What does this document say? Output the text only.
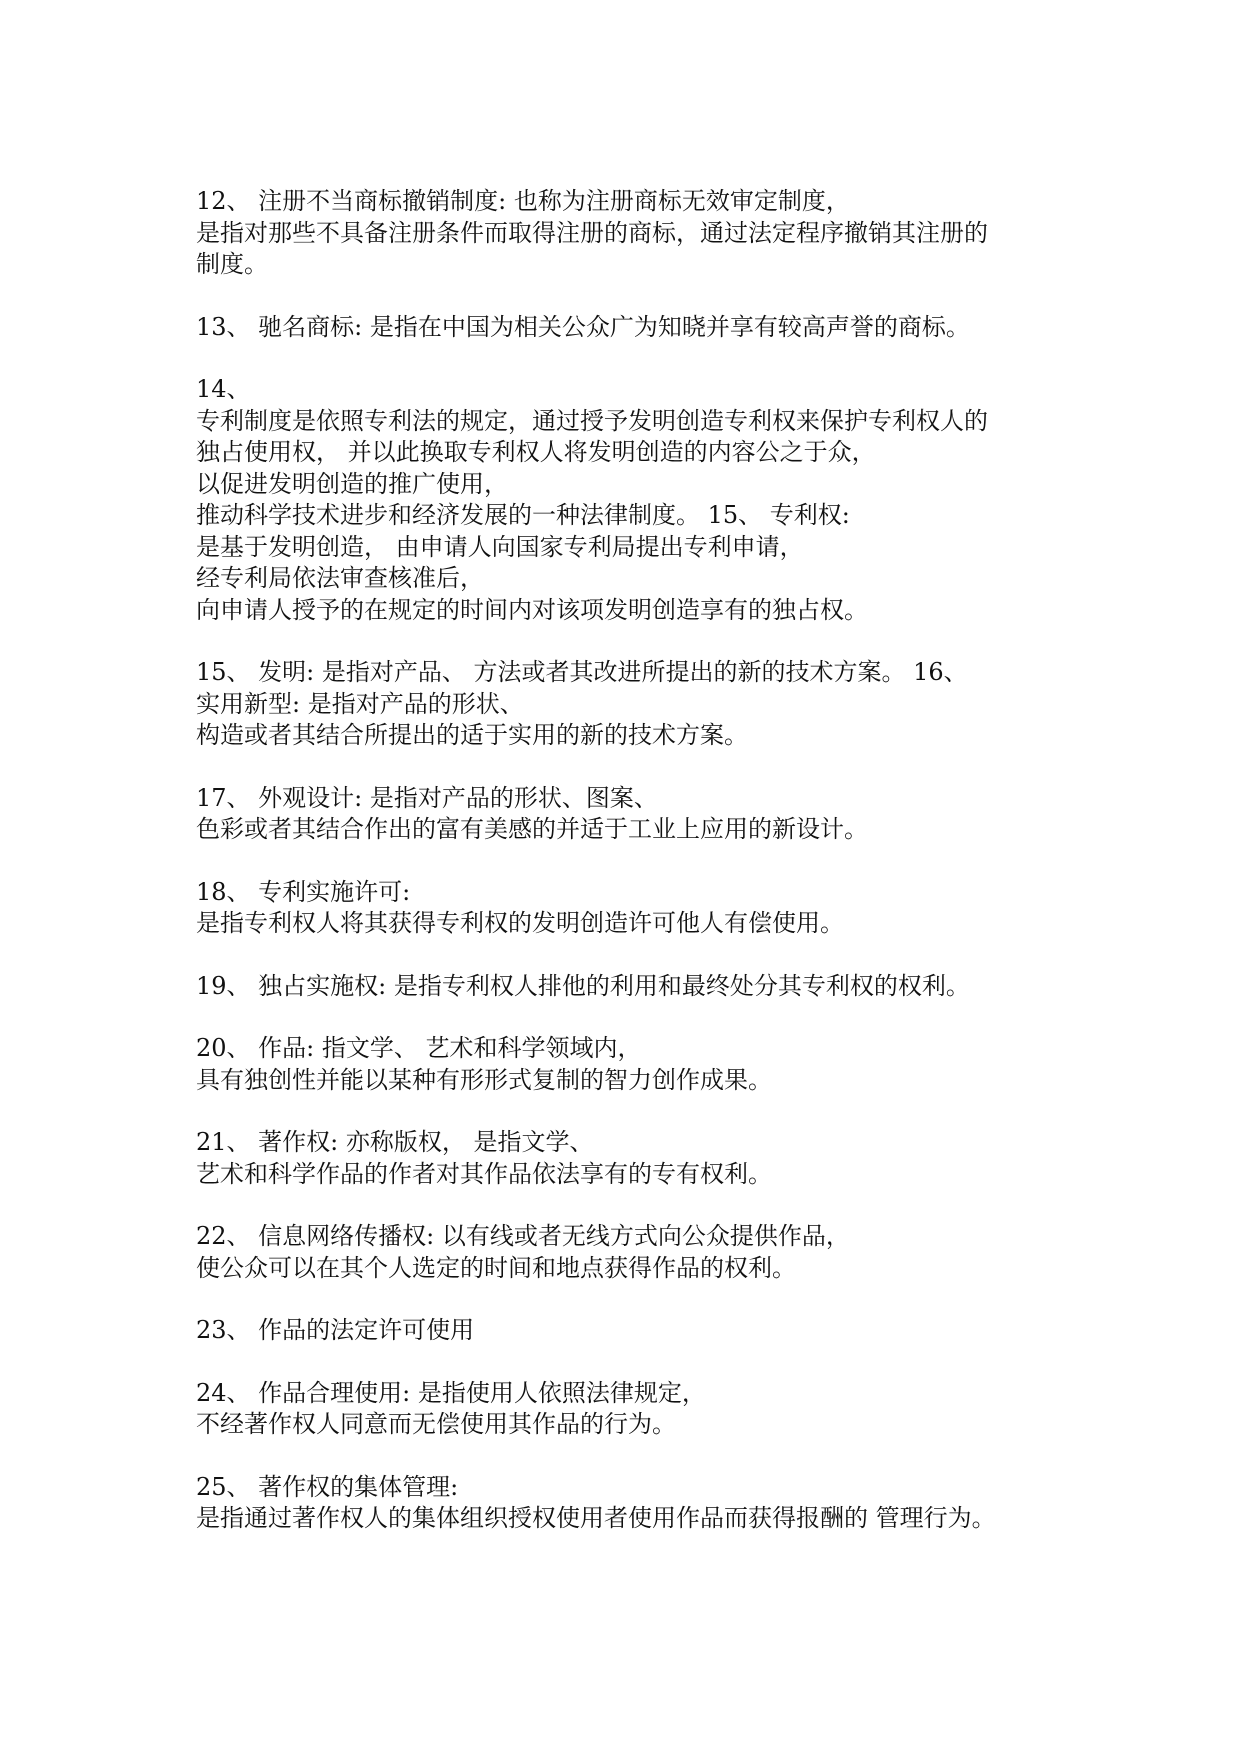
12、 注册不当商标撤销制度: 也称为注册商标无效审定制度，
是指对那些不具备注册条件而取得注册的商标，通过法定程序撤销其注册的
制度。
13、 驰名商标: 是指在中国为相关公众广为知晓并享有较高声誉的商标。
14、
专利制度是依照专利法的规定，通过授予发明创造专利权来保护专利权人的
独占使用权， 并以此换取专利权人将发明创造的内容公之于众，
以促进发明创造的推广使用，
推动科学技术进步和经济发展的一种法律制度。 15、 专利权:
是基于发明创造， 由申请人向国家专利局提出专利申请，
经专利局依法审查核准后，
向申请人授予的在规定的时间内对该项发明创造享有的独占权。
15、 发明: 是指对产品、 方法或者其改进所提出的新的技术方案。 16、
实用新型: 是指对产品的形状、
构造或者其结合所提出的适于实用的新的技术方案。
17、 外观设计: 是指对产品的形状、图案、
色彩或者其结合作出的富有美感的并适于工业上应用的新设计。
18、 专利实施许可:
是指专利权人将其获得专利权的发明创造许可他人有偿使用。
19、 独占实施权: 是指专利权人排他的利用和最终处分其专利权的权利。
20、 作品: 指文学、 艺术和科学领域内，
具有独创性并能以某种有形形式复制的智力创作成果。
21、 著作权: 亦称版权， 是指文学、
艺术和科学作品的作者对其作品依法享有的专有权利。
22、 信息网络传播权: 以有线或者无线方式向公众提供作品，
使公众可以在其个人选定的时间和地点获得作品的权利。
23、 作品的法定许可使用
24、 作品合理使用: 是指使用人依照法律规定，
不经著作权人同意而无偿使用其作品的行为。
25、 著作权的集体管理:
是指通过著作权人的集体组织授权使用者使用作品而获得报酬的 管理行为。
